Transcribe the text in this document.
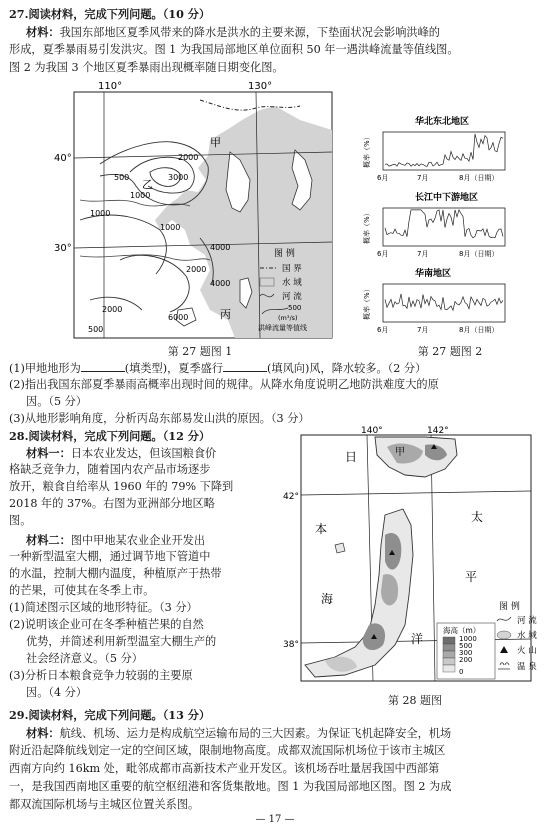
27.阅读材料，完成下列问题。（10 分）
材料：我国东部地区夏季风带来的降水是洪水的主要来源，下垫面状况会影响洪峰的
形成，夏季暴雨易引发洪灾。图 1 为我国局部地区单位面积 50 年一遇洪峰流量等值线图。
图 2 为我国 3 个地区夏季暴雨出现概率随日期变化图。
110°	130°
40°
30°
500
1000
2000
3000
1000
1000
4000
2000
4000
6000
2000
500
甲
乙
丙
图 例
国 界
水 域
河 流
500
(m³/s)
洪峰流量等值线
第 27 题图 1
华北东北地区
概率（%）
6月	7月	8月（日期）
长江中下游地区
概率（%）
6月	7月	8月（日期）
华南地区
概率（%）
6月	7月	8月（日期）
第 27 题图 2
(1)甲地地形为	(填类型)，夏季盛行	(填风向)风，降水较多。（2 分）
(2)指出我国东部夏季暴雨高概率出现时间的规律。从降水角度说明乙地防洪难度大的原
因。（5 分）
(3)从地形影响角度，分析丙岛东部易发山洪的原因。（3 分）
28.阅读材料，完成下列问题。（12 分）
材料一：日本农业发达，但该国粮食价
格缺乏竞争力，随着国内农产品市场逐步
放开，粮食自给率从 1960 年的 79% 下降到
2018 年的 37%。右图为亚洲部分地区略
图。
材料二：图中甲地某农业企业开发出
一种新型温室大棚，通过调节地下管道中
的水温，控制大棚内温度，种植原产于热带
的芒果，可使其在冬季上市。
(1)简述图示区域的地形特征。（3 分）
(2)说明该企业可在冬季种植芒果的自然
优势，并简述利用新型温室大棚生产的
社会经济意义。（5 分）
(3)分析日本粮食竞争力较弱的主要原
因。（4 分）
140°	142°
42°
38°
甲
日
本
海
太
平
洋
海高（m）
1000
500
300
200
0
图 例
河 流
水 域
火 山
温 泉
第 28 题图
29.阅读材料，完成下列问题。（13 分）
材料：航线、机场、运力是构成航空运输布局的三大因素。为保证飞机起降安全，机场
附近沿起降航线划定一定的空间区域，限制地物高度。成都双流国际机场位于该市主城区
西南方向约 16km 处，毗邻成都市高新技术产业开发区。该机场吞吐量居我国中西部第
一，是我国西南地区重要的航空枢纽港和客货集散地。图 1 为我国局部地区图。图 2 为成
都双流国际机场与主城区位置关系图。
— 17 —
